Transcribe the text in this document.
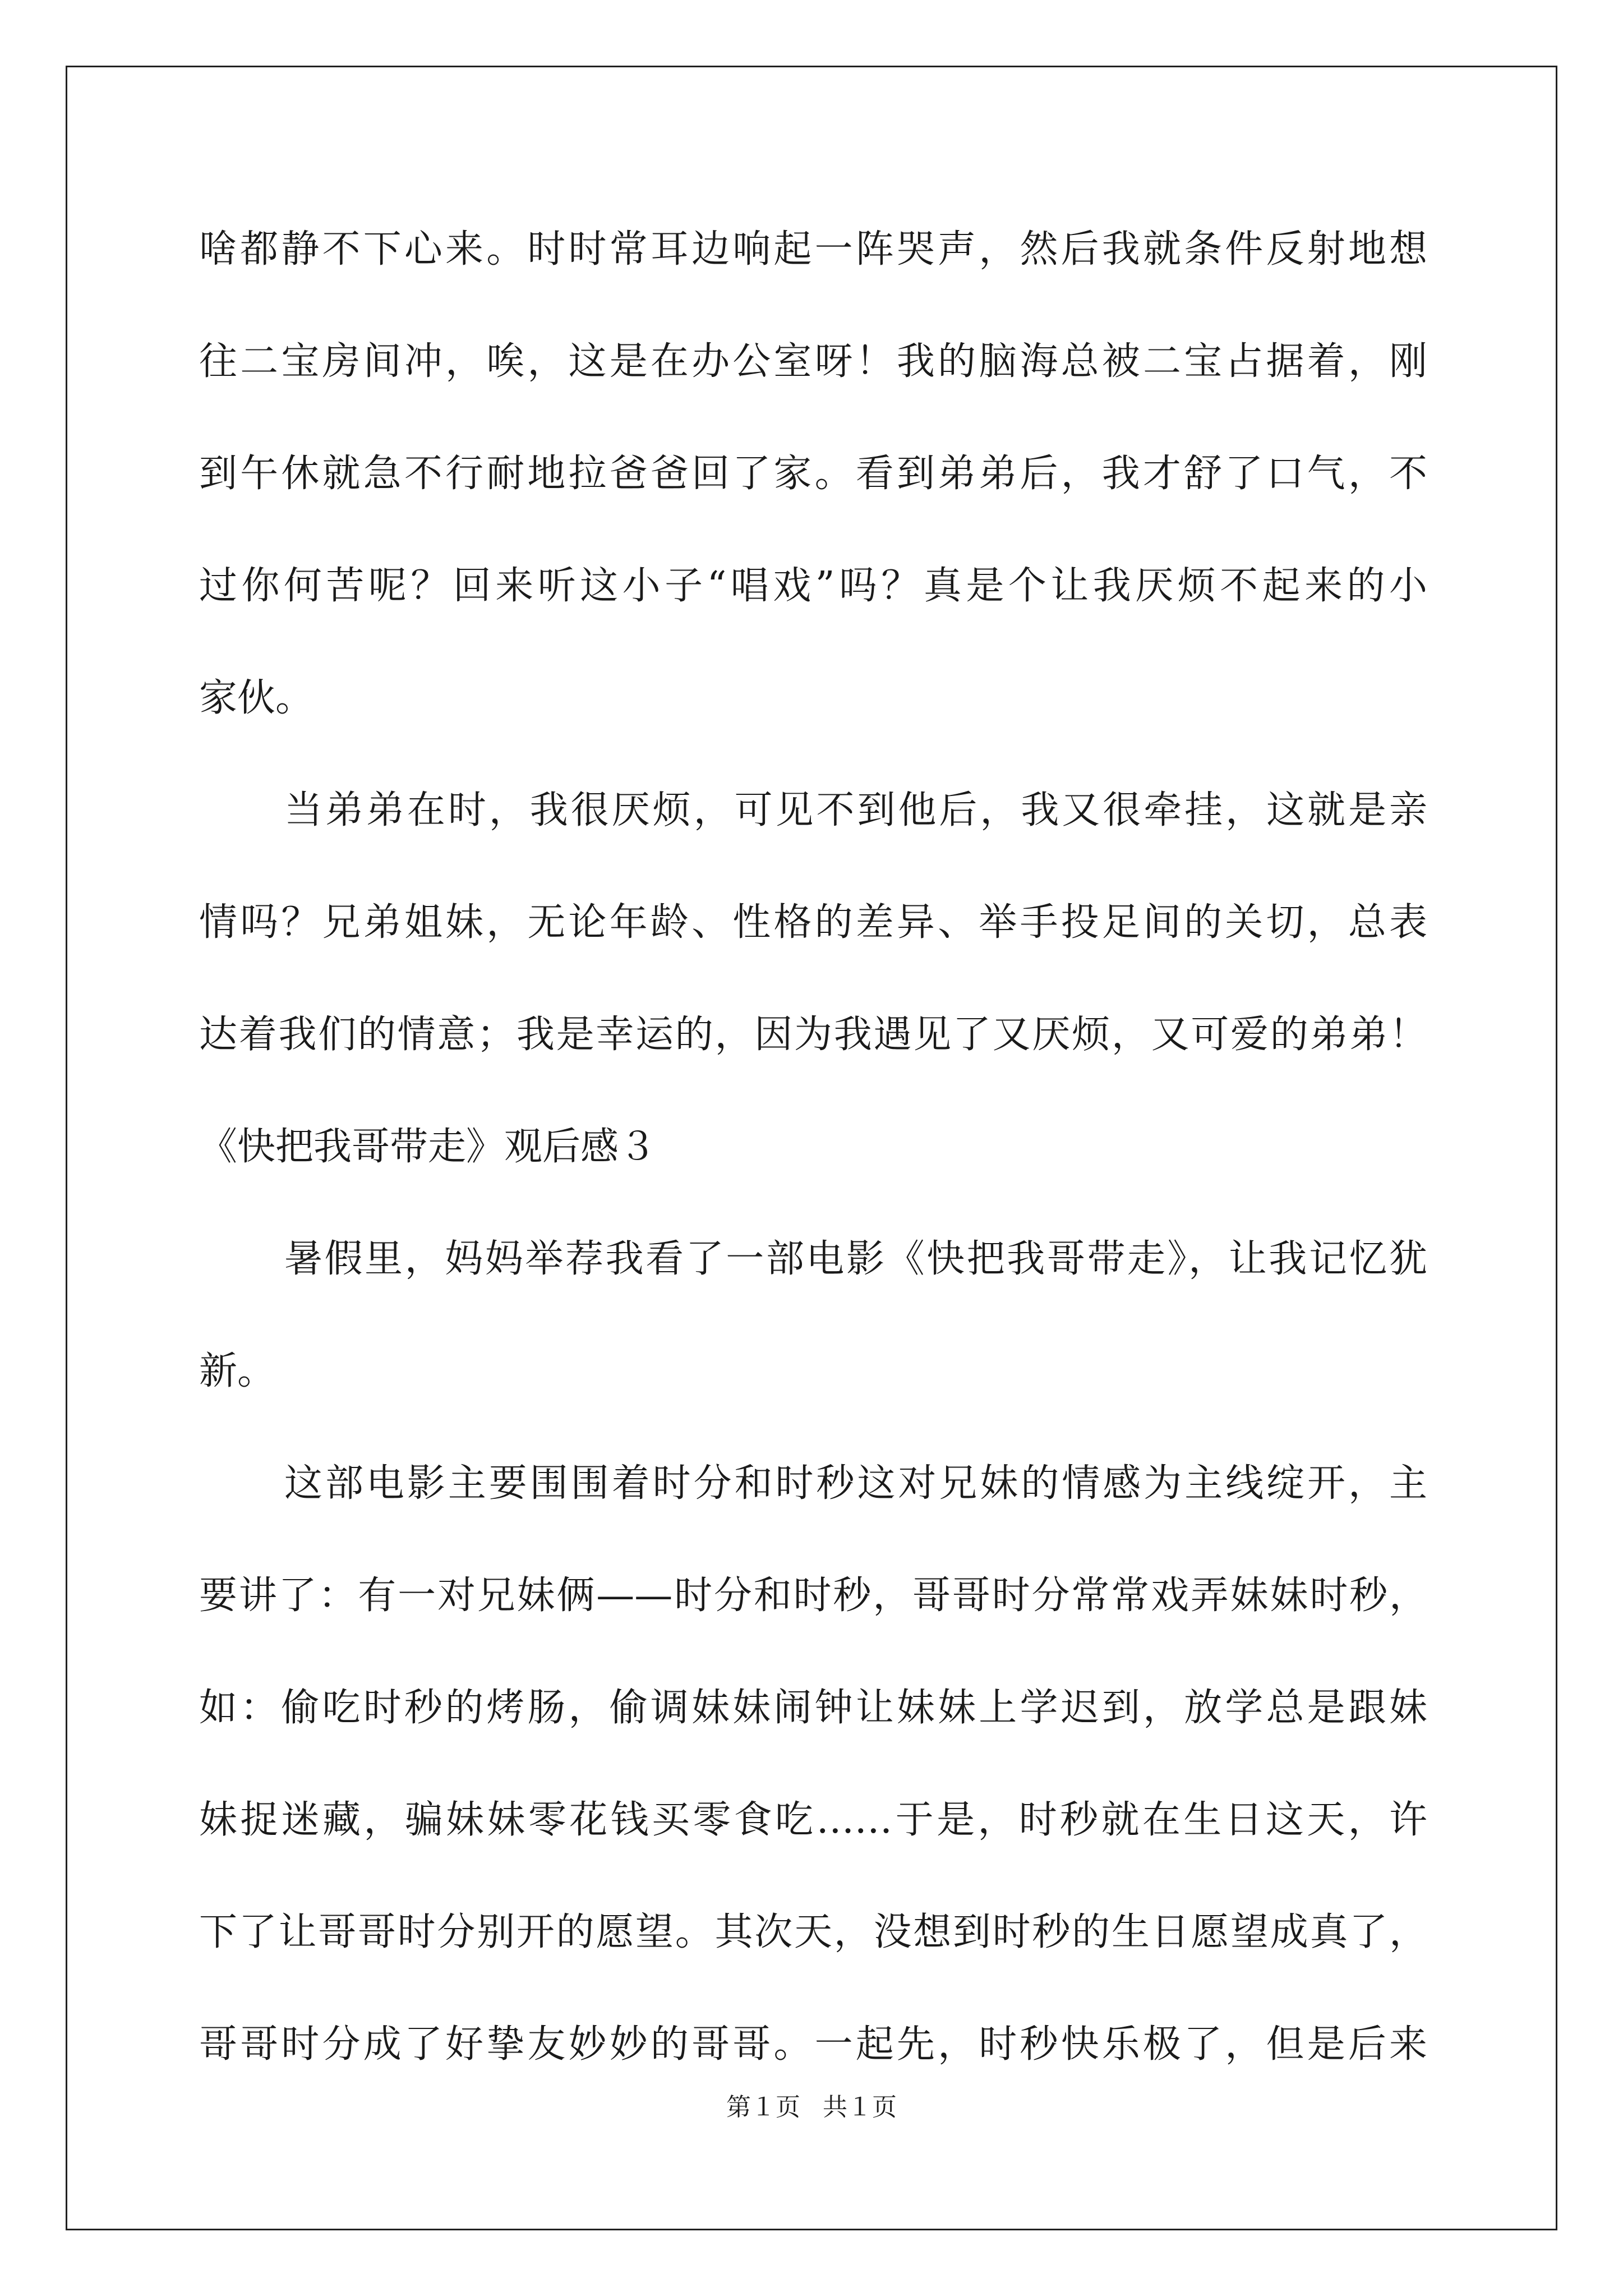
啥都静不下心来。时时常耳边响起一阵哭声，然后我就条件反射地想
往二宝房间冲，唉，这是在办公室呀！我的脑海总被二宝占据着，刚
到午休就急不行耐地拉爸爸回了家。看到弟弟后，我才舒了口气，不
过你何苦呢？回来听这小子“唱戏”吗？真是个让我厌烦不起来的小
家伙。
当弟弟在时，我很厌烦，可见不到他后，我又很牵挂，这就是亲
情吗？兄弟姐妹，无论年龄、性格的差异、举手投足间的关切，总表
达着我们的情意；我是幸运的，因为我遇见了又厌烦，又可爱的弟弟！
《快把我哥带走》观后感３
暑假里，妈妈举荐我看了一部电影《快把我哥带走》，让我记忆犹
新。
这部电影主要围围着时分和时秒这对兄妹的情感为主线绽开，主
要讲了：有一对兄妹俩——时分和时秒，哥哥时分常常戏弄妹妹时秒，
如：偷吃时秒的烤肠，偷调妹妹闹钟让妹妹上学迟到，放学总是跟妹
妹捉迷藏，骗妹妹零花钱买零食吃……于是，时秒就在生日这天，许
下了让哥哥时分别开的愿望。其次天，没想到时秒的生日愿望成真了，
哥哥时分成了好挚友妙妙的哥哥。一起先，时秒快乐极了，但是后来
第１页 共１页
